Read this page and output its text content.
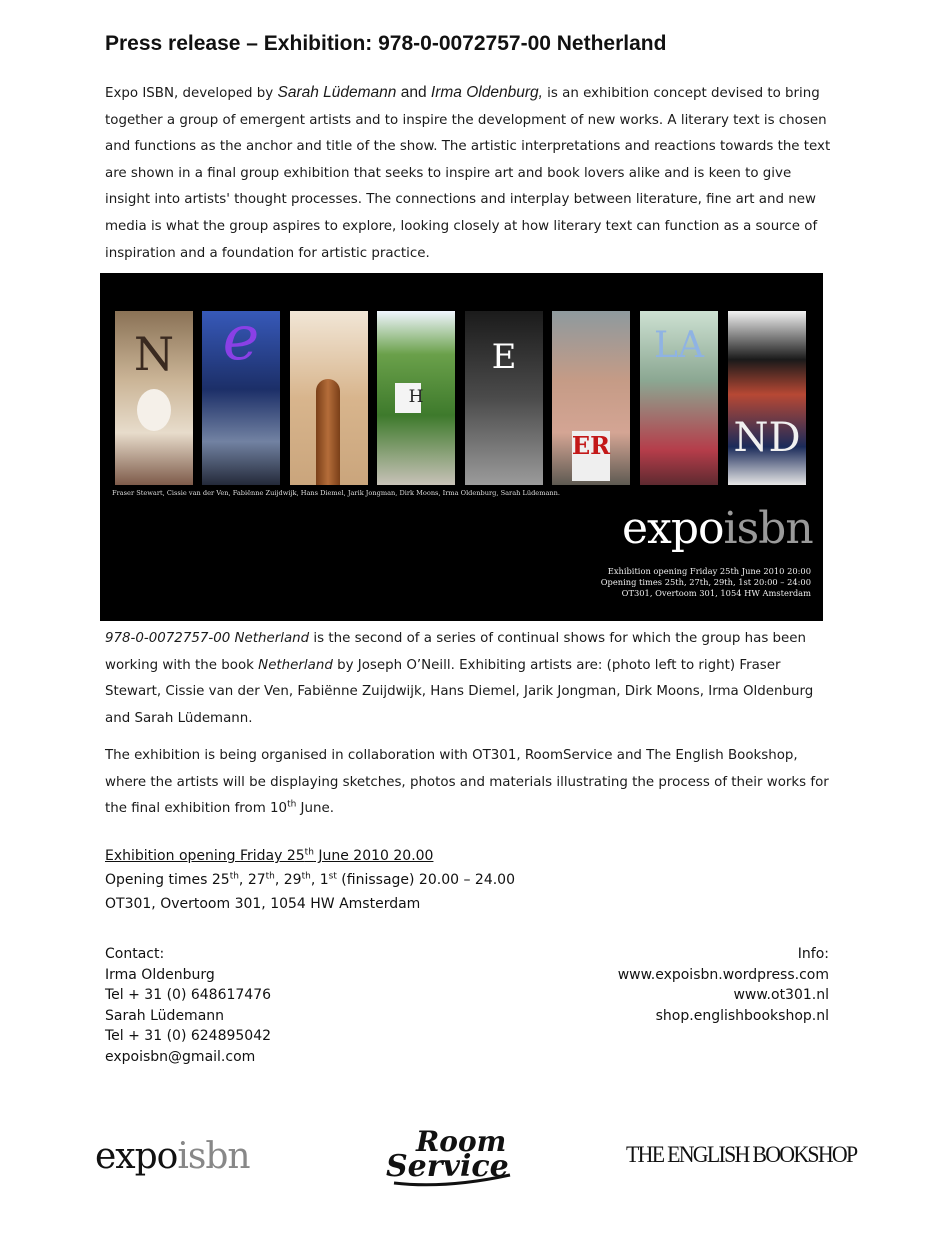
Press release – Exhibition: 978-0-0072757-00 Netherland
Expo ISBN, developed by Sarah Lüdemann and Irma Oldenburg, is an exhibition concept devised to bring together a group of emergent artists and to inspire the development of new works. A literary text is chosen and functions as the anchor and title of the show. The artistic interpretations and reactions towards the text are shown in a final group exhibition that seeks to inspire art and book lovers alike and is keen to give insight into artists' thought processes. The connections and interplay between literature, fine art and new media is what the group aspires to explore, looking closely at how literary text can function as a source of inspiration and a foundation for artistic practice.
N e
H
E
ER
LA
ND
Fraser Stewart, Cissie van der Ven, Fabiënne Zuijdwijk, Hans Diemel, Jarik Jongman, Dirk Moons, Irma Oldenburg, Sarah Lüdemann.
expoisbn
Exhibition opening Friday 25th June 2010 20:00
Opening times 25th, 27th, 29th, 1st 20:00 – 24:00
OT301, Overtoom 301, 1054 HW Amsterdam
978-0-0072757-00 Netherland is the second of a series of continual shows for which the group has been working with the book Netherland by Joseph O’Neill. Exhibiting artists are: (photo left to right) Fraser Stewart, Cissie van der Ven, Fabiënne Zuijdwijk, Hans Diemel, Jarik Jongman, Dirk Moons, Irma Oldenburg and Sarah Lüdemann.
The exhibition is being organised in collaboration with OT301, RoomService and The English Bookshop, where the artists will be displaying sketches, photos and materials illustrating the process of their works for the final exhibition from 10th June.
Exhibition opening Friday 25th June 2010 20.00
Opening times 25th, 27th, 29th, 1st (finissage) 20.00 – 24.00
OT301, Overtoom 301, 1054 HW Amsterdam
Contact:
Irma Oldenburg
Tel + 31 (0) 648617476
Sarah Lüdemann
Tel + 31 (0) 624895042
expoisbn@gmail.com
Info:
www.expoisbn.wordpress.com
www.ot301.nl
shop.englishbookshop.nl
expoisbn	Room
Service	THE ENGLISH BOOKSHOP
